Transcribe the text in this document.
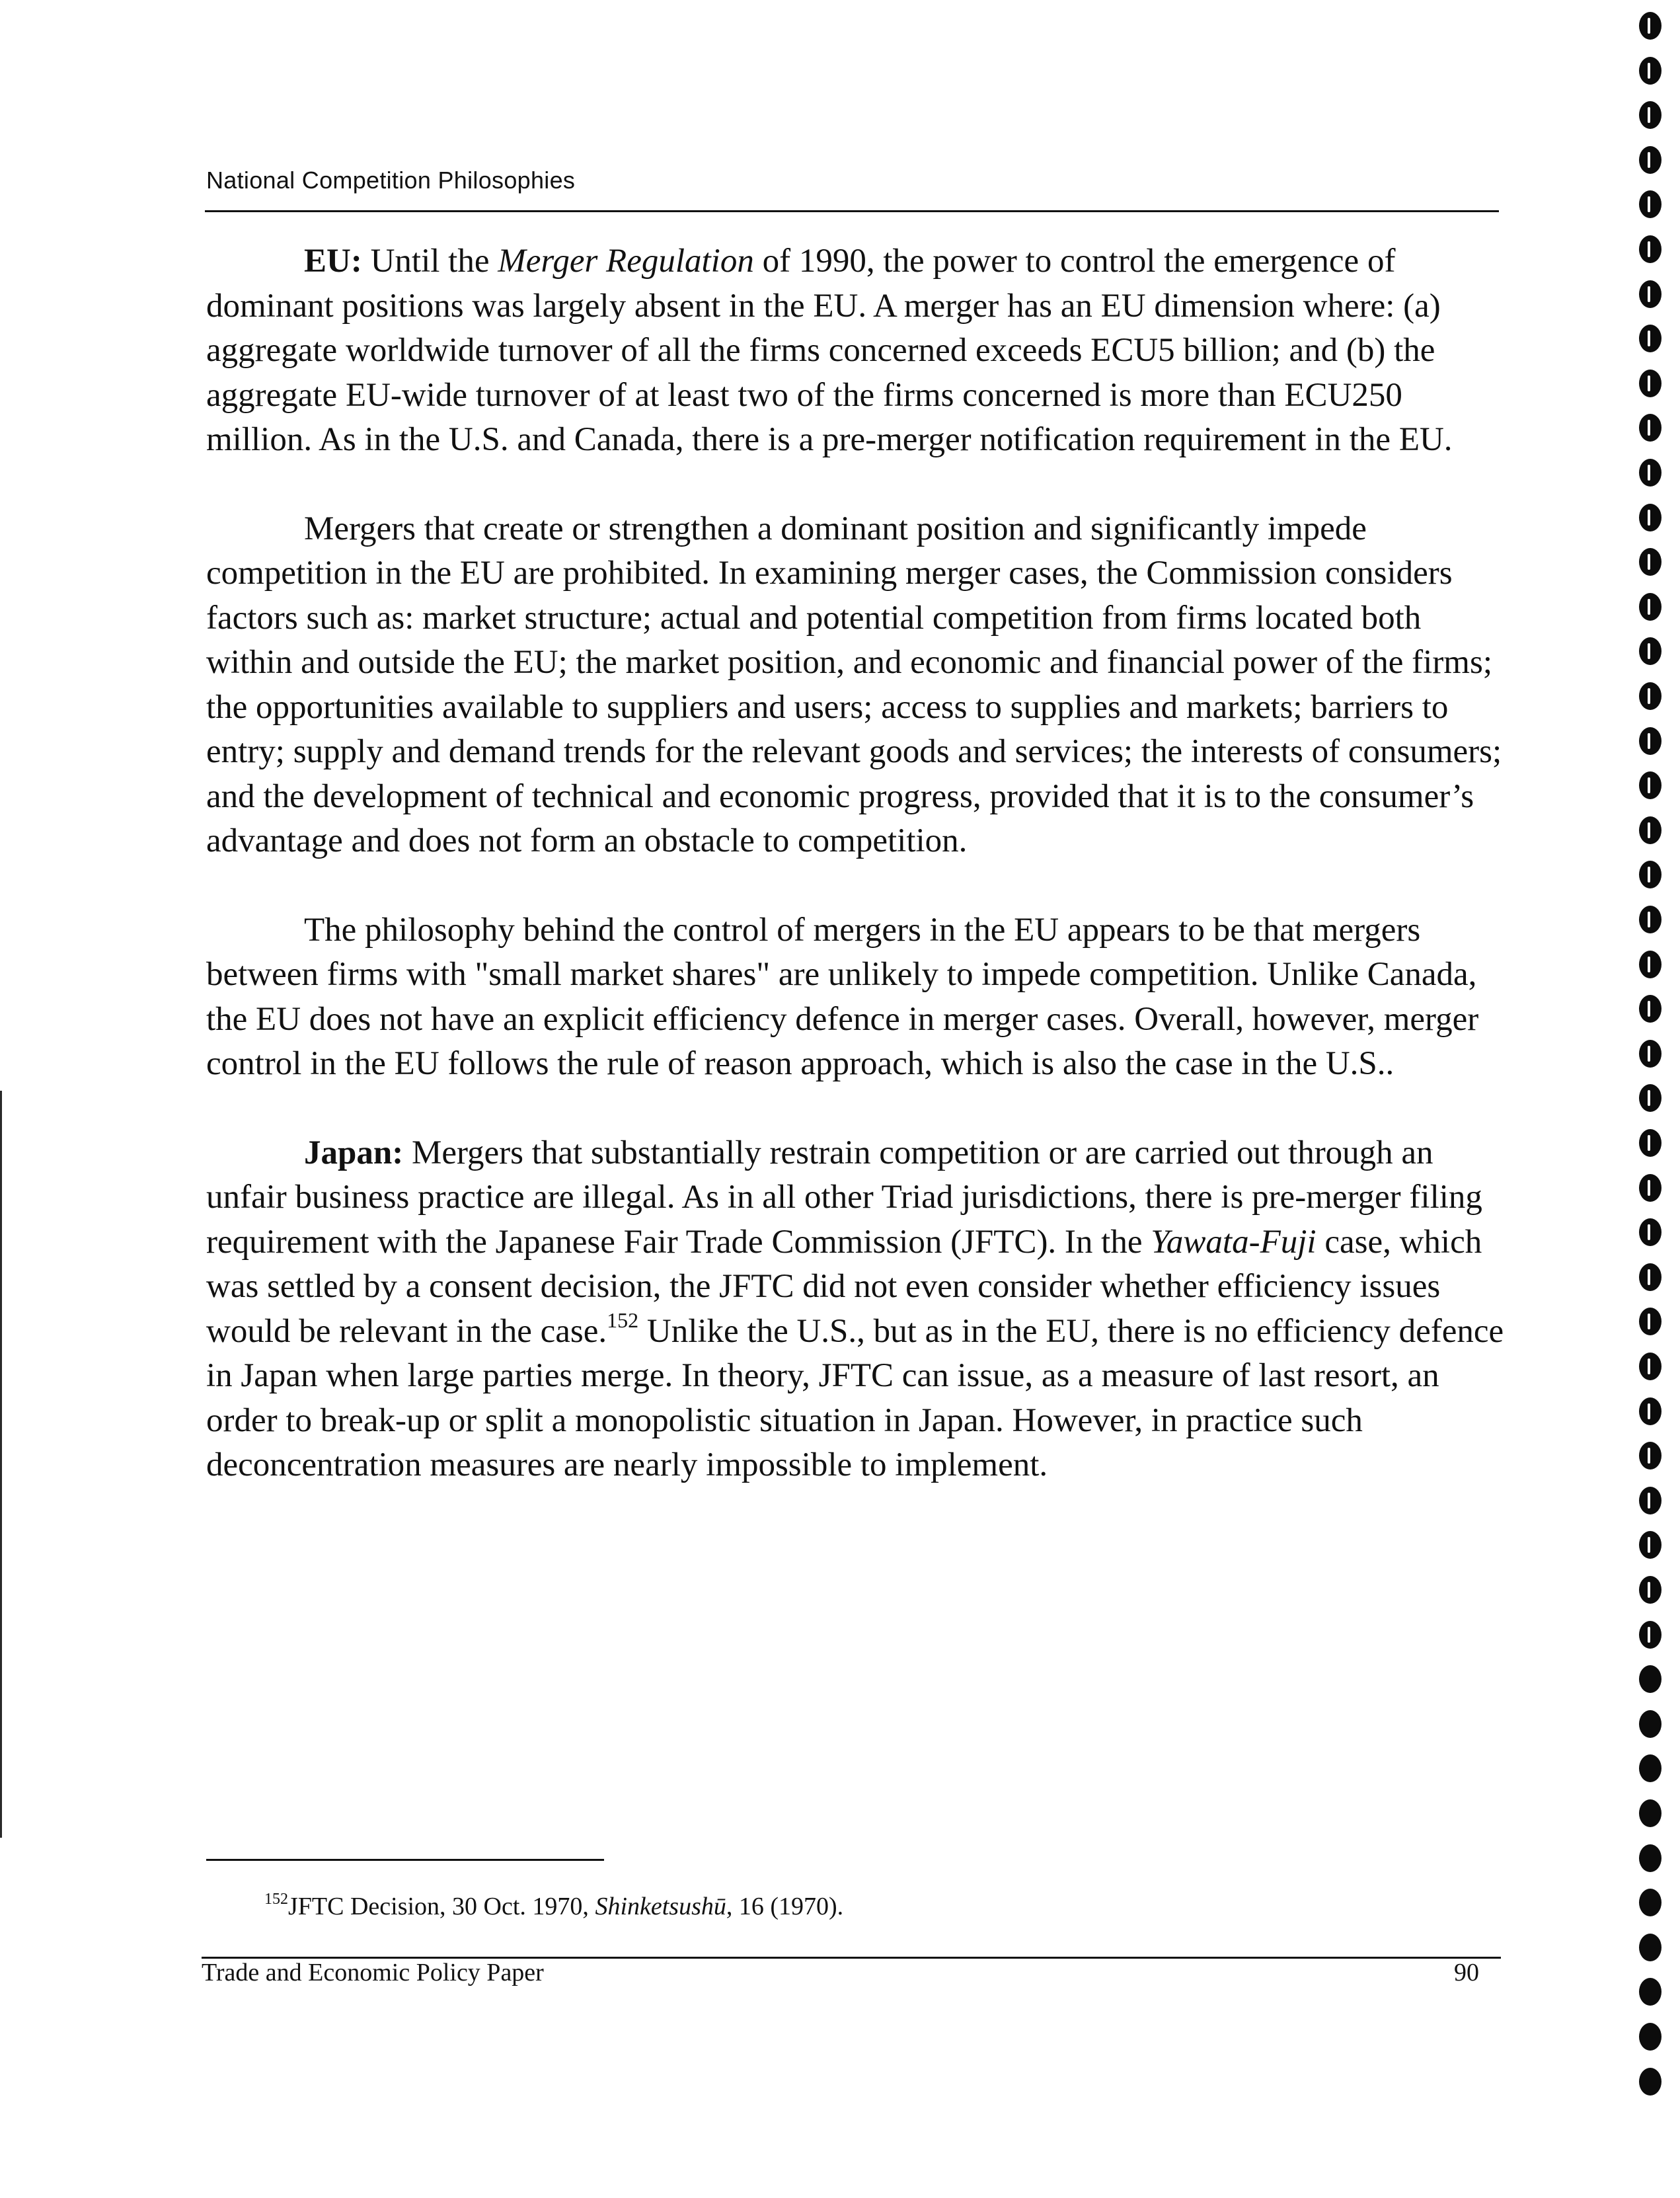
National Competition Philosophies

EU: Until the Merger Regulation of 1990, the power to control the emergence of dominant positions was largely absent in the EU. A merger has an EU dimension where: (a) aggregate worldwide turnover of all the firms concerned exceeds ECU5 billion; and (b) the aggregate EU-wide turnover of at least two of the firms concerned is more than ECU250 million. As in the U.S. and Canada, there is a pre-merger notification requirement in the EU.

Mergers that create or strengthen a dominant position and significantly impede competition in the EU are prohibited. In examining merger cases, the Commission considers factors such as: market structure; actual and potential competition from firms located both within and outside the EU; the market position, and economic and financial power of the firms; the opportunities available to suppliers and users; access to supplies and markets; barriers to entry; supply and demand trends for the relevant goods and services; the interests of consumers; and the development of technical and economic progress, provided that it is to the consumer’s advantage and does not form an obstacle to competition.

The philosophy behind the control of mergers in the EU appears to be that mergers between firms with "small market shares" are unlikely to impede competition. Unlike Canada, the EU does not have an explicit efficiency defence in merger cases. Overall, however, merger control in the EU follows the rule of reason approach, which is also the case in the U.S..

Japan: Mergers that substantially restrain competition or are carried out through an unfair business practice are illegal. As in all other Triad jurisdictions, there is pre-merger filing requirement with the Japanese Fair Trade Commission (JFTC). In the Yawata-Fuji case, which was settled by a consent decision, the JFTC did not even consider whether efficiency issues would be relevant in the case.$^{152}$ Unlike the U.S., but as in the EU, there is no efficiency defence in Japan when large parties merge. In theory, JFTC can issue, as a measure of last resort, an order to break-up or split a monopolistic situation in Japan. However, in practice such deconcentration measures are nearly impossible to implement.

$^{152}$JFTC Decision, 30 Oct. 1970, Shinketsushū, 16 (1970).
Trade and Economic Policy Paper	90
